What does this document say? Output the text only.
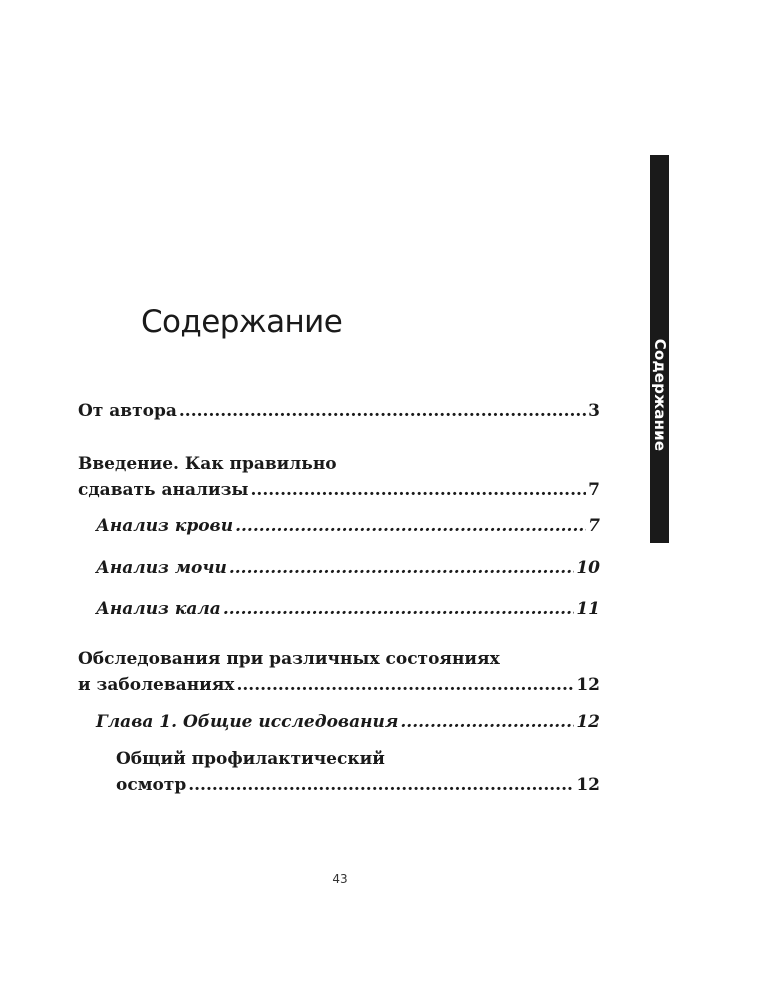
Содержание
Содержание
От автора .....	3
Введение. Как правильно
сдавать анализы .....	7
Анализ крови .....	7
Анализ мочи .....	10
Анализ кала .....	11
Обследования при различных состояниях
и заболеваниях .....	12
Глава 1. Общие исследования .....	12
Общий профилактический
осмотр .....	12
43
